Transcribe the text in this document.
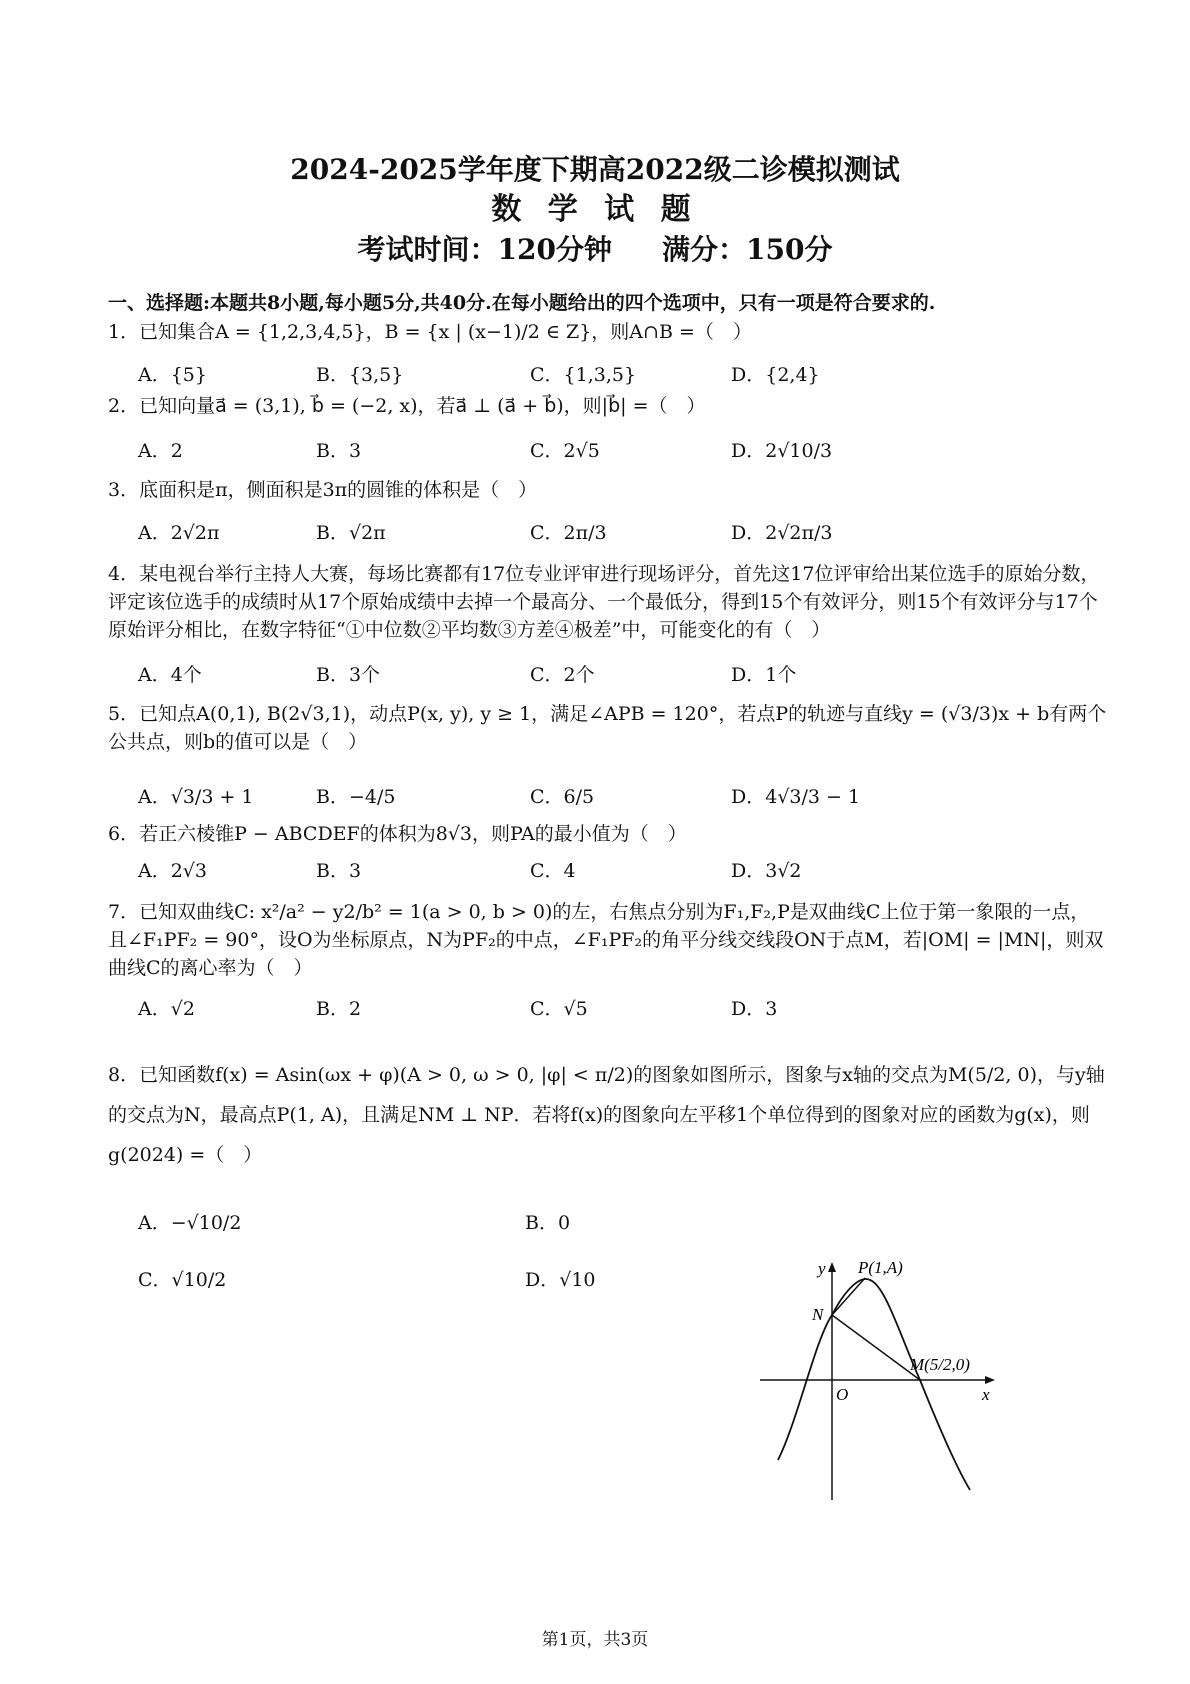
2024-2025学年度下期高2022级二诊模拟测试
数 学 试 题
考试时间：120分钟 满分：150分
一、选择题:本题共8小题,每小题5分,共40分.在每小题给出的四个选项中，只有一项是符合要求的.
1．已知集合A = {1,2,3,4,5}，B = {x | (x−1)/2 ∈ Z}，则A∩B =（　）
A．{5}	B．{3,5}	C．{1,3,5}	D．{2,4}
2．已知向量a⃗ = (3,1), b⃗ = (−2, x)，若a⃗ ⊥ (a⃗ + b⃗)，则|b⃗| =（　）
A．2	B．3	C．2√5	D．2√10/3
3．底面积是π，侧面积是3π的圆锥的体积是（　）
A．2√2π	B．√2π	C．2π/3	D．2√2π/3
4．某电视台举行主持人大赛，每场比赛都有17位专业评审进行现场评分，首先这17位评审给出某位选手的原始分数，评定该位选手的成绩时从17个原始成绩中去掉一个最高分、一个最低分，得到15个有效评分，则15个有效评分与17个原始评分相比，在数字特征“①中位数②平均数③方差④极差”中，可能变化的有（　）
A．4个	B．3个	C．2个	D．1个
5．已知点A(0,1), B(2√3,1)，动点P(x, y), y ≥ 1，满足∠APB = 120°，若点P的轨迹与直线y = (√3/3)x + b有两个公共点，则b的值可以是（　）
A．√3/3 + 1	B．−4/5	C．6/5	D．4√3/3 − 1
6．若正六棱锥P − ABCDEF的体积为8√3，则PA的最小值为（　）
A．2√3	B．3	C．4	D．3√2
7．已知双曲线C: x²/a² − y2/b² = 1(a > 0, b > 0)的左，右焦点分别为F₁,F₂,P是双曲线C上位于第一象限的一点，且∠F₁PF₂ = 90°，设O为坐标原点，N为PF₂的中点，∠F₁PF₂的角平分线交线段ON于点M，若|OM| = |MN|，则双曲线C的离心率为（　）
A．√2	B．2	C．√5	D．3
8．已知函数f(x) = Asin(ωx + φ)(A > 0, ω > 0, |φ| < π/2)的图象如图所示，图象与x轴的交点为M(5/2, 0)，与y轴的交点为N，最高点P(1, A)，且满足NM ⊥ NP．若将f(x)的图象向左平移1个单位得到的图象对应的函数为g(x)，则g(2024) =（　）
A．−√10/2	B．0
C．√10/2	D．√10
y
x
O
P(1,A)
N
M(5/2,0)
第1页，共3页
